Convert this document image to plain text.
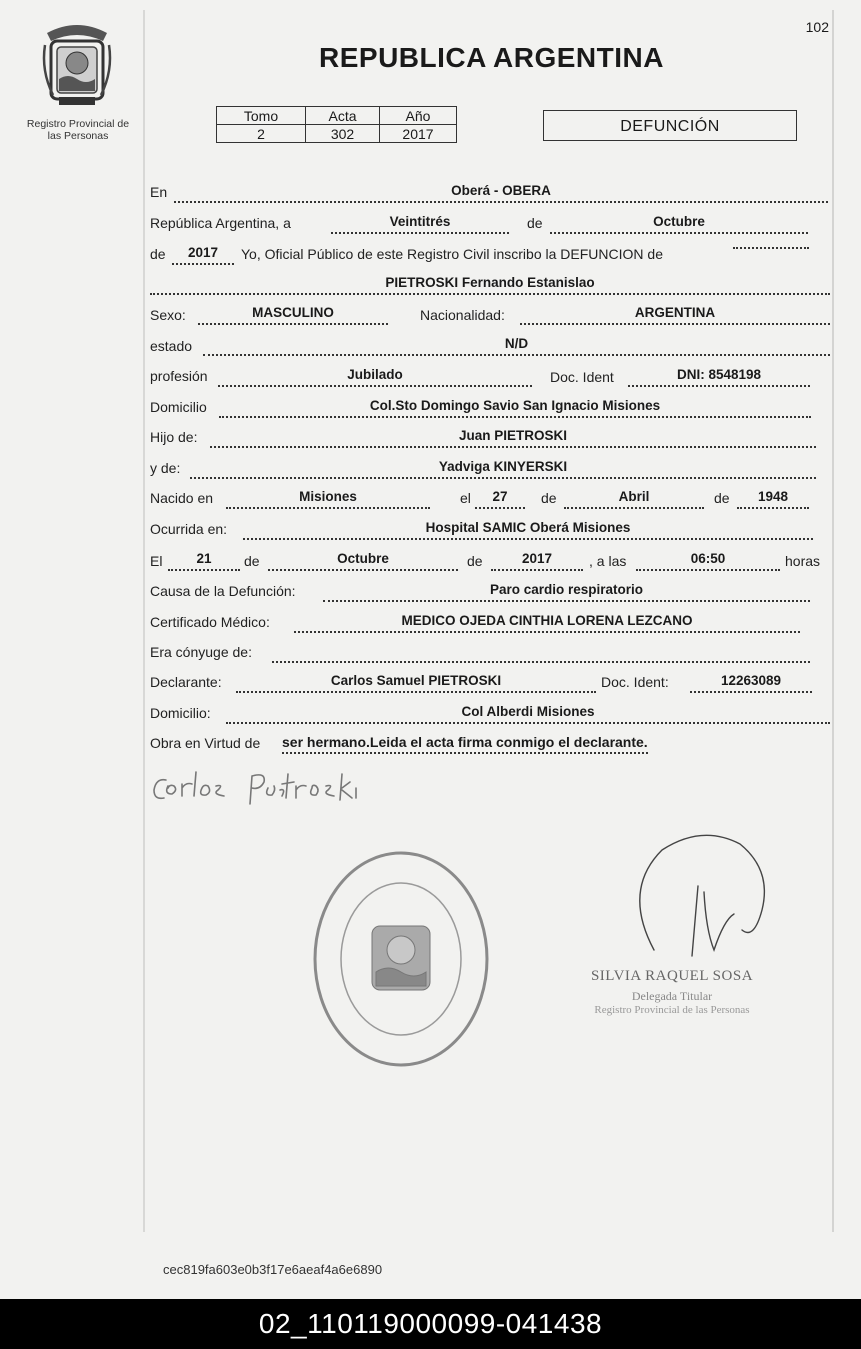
102
REPUBLICA ARGENTINA
Registro Provincial de
las Personas
Tomo	Acta	Año
2	302	2017	DEFUNCIÓN
En	Oberá - OBERA
República Argentina, a	Veintitrés	de	Octubre
de	2017	Yo, Oficial Público de este Registro Civil inscribo la DEFUNCION de
PIETROSKI Fernando Estanislao
Sexo:	MASCULINO	Nacionalidad:	ARGENTINA
estado	N/D
profesión	Jubilado	Doc. Ident	DNI: 8548198
Domicilio	Col.Sto Domingo Savio San Ignacio Misiones
Hijo de:	Juan PIETROSKI
y de:	Yadviga KINYERSKI
Nacido en	Misiones	el	27	de	Abril	de	1948
Ocurrida en:	Hospital SAMIC Oberá Misiones
El	21	de	Octubre	de	2017	, a las	06:50	horas
Causa de la Defunción:	Paro cardio respiratorio
Certificado Médico:	MEDICO OJEDA CINTHIA LORENA LEZCANO
Era cónyuge de:
Declarante:	Carlos Samuel PIETROSKI	Doc. Ident:	12263089
Domicilio:	Col Alberdi Misiones
Obra en Virtud de ser hermano.Leida el acta firma conmigo el declarante.
SILVIA RAQUEL SOSA
Delegada Titular
Registro Provincial de las Personas
cec819fa603e0b3f17e6aeaf4a6e6890
02_110119000099-041438
